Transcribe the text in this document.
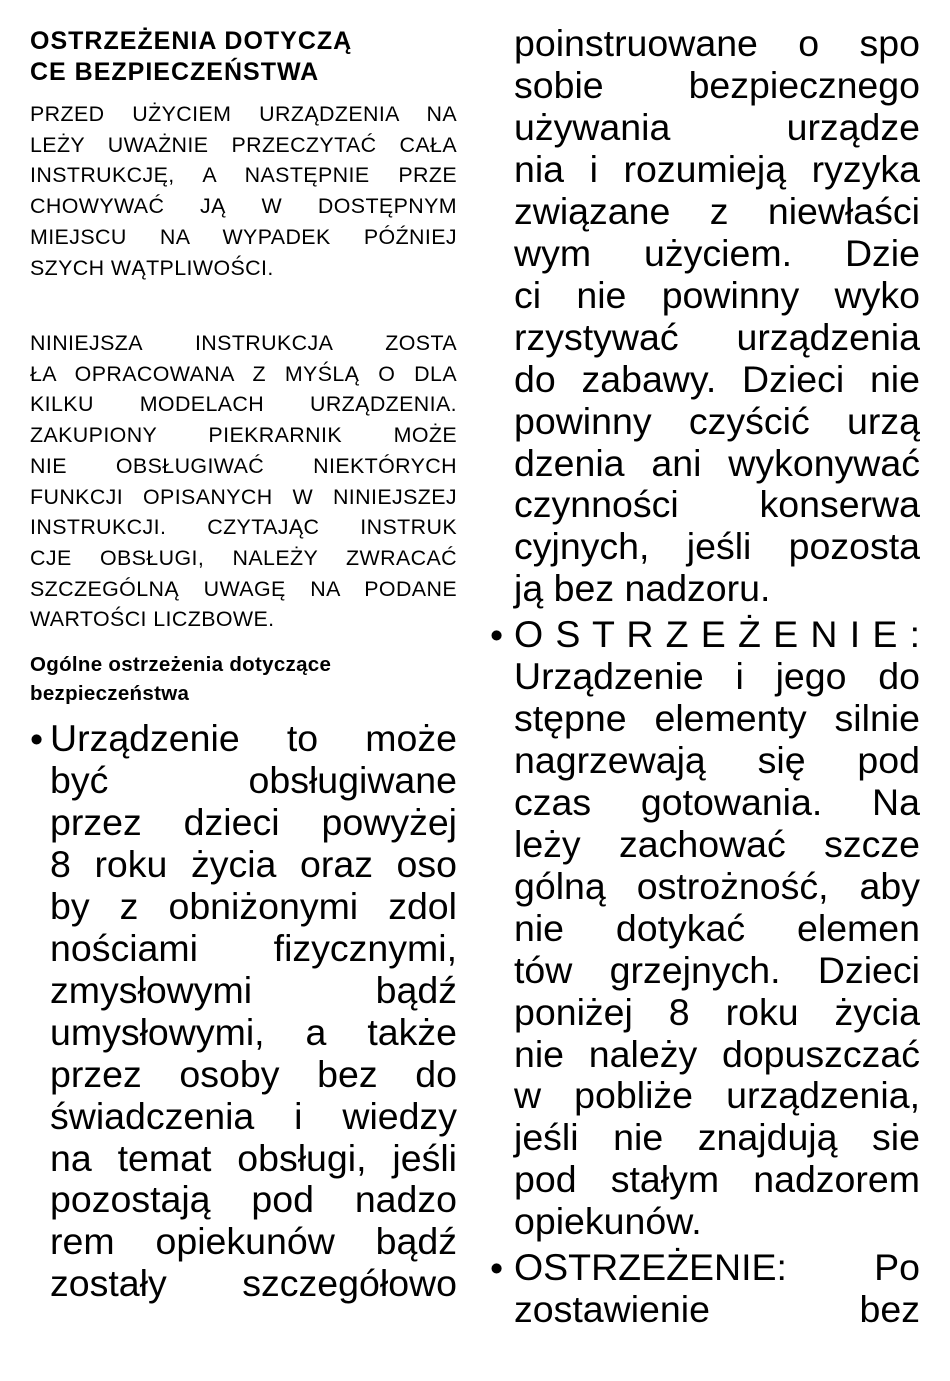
OSTRZEŻENIA DOTYCZĄ
CE BEZPIECZEŃSTWA
PRZED UŻYCIEM URZĄDZENIA NA
LEŻY UWAŻNIE PRZECZYTAĆ CAŁA
INSTRUKCJĘ, A NASTĘPNIE PRZE
CHOWYWAĆ JĄ W DOSTĘPNYM
MIEJSCU NA WYPADEK PÓŹNIEJ
SZYCH WĄTPLIWOŚCI.
NINIEJSZA INSTRUKCJA ZOSTA
ŁA OPRACOWANA Z MYŚLĄ O DLA
KILKU MODELACH URZĄDZENIA.
ZAKUPIONY PIEKRARNIK MOŻE
NIE OBSŁUGIWAĆ NIEKTÓRYCH
FUNKCJI OPISANYCH W NINIEJSZEJ
INSTRUKCJI. CZYTAJĄC INSTRUK
CJE OBSŁUGI, NALEŻY ZWRACAĆ
SZCZEGÓLNĄ UWAGĘ NA PODANE
WARTOŚCI LICZBOWE.
Ogólne ostrzeżenia dotyczące
bezpieczeństwa
• Urządzenie to może
być obsługiwane
przez dzieci powyżej
8 roku życia oraz oso
by z obniżonymi zdol
nościami fizycznymi,
zmysłowymi bądź
umysłowymi, a także
przez osoby bez do
świadczenia i wiedzy
na temat obsługi, jeśli
pozostają pod nadzo
rem opiekunów bądź
zostały szczegółowo
poinstruowane o spo
sobie bezpiecznego
używania urządze
nia i rozumieją ryzyka
związane z niewłaści
wym użyciem. Dzie
ci nie powinny wyko
rzystywać urządzenia
do zabawy. Dzieci nie
powinny czyścić urzą
dzenia ani wykonywać
czynności konserwa
cyjnych, jeśli pozosta
ją bez nadzoru.
• O S T R Z E Ż E N I E :
Urządzenie i jego do
stępne elementy silnie
nagrzewają się pod
czas gotowania. Na
leży zachować szcze
gólną ostrożność, aby
nie dotykać elemen
tów grzejnych. Dzieci
poniżej 8 roku życia
nie należy dopuszczać
w pobliże urządzenia,
jeśli nie znajdują sie
pod stałym nadzorem
opiekunów.
• OSTRZEŻENIE: Po
zostawienie bez
